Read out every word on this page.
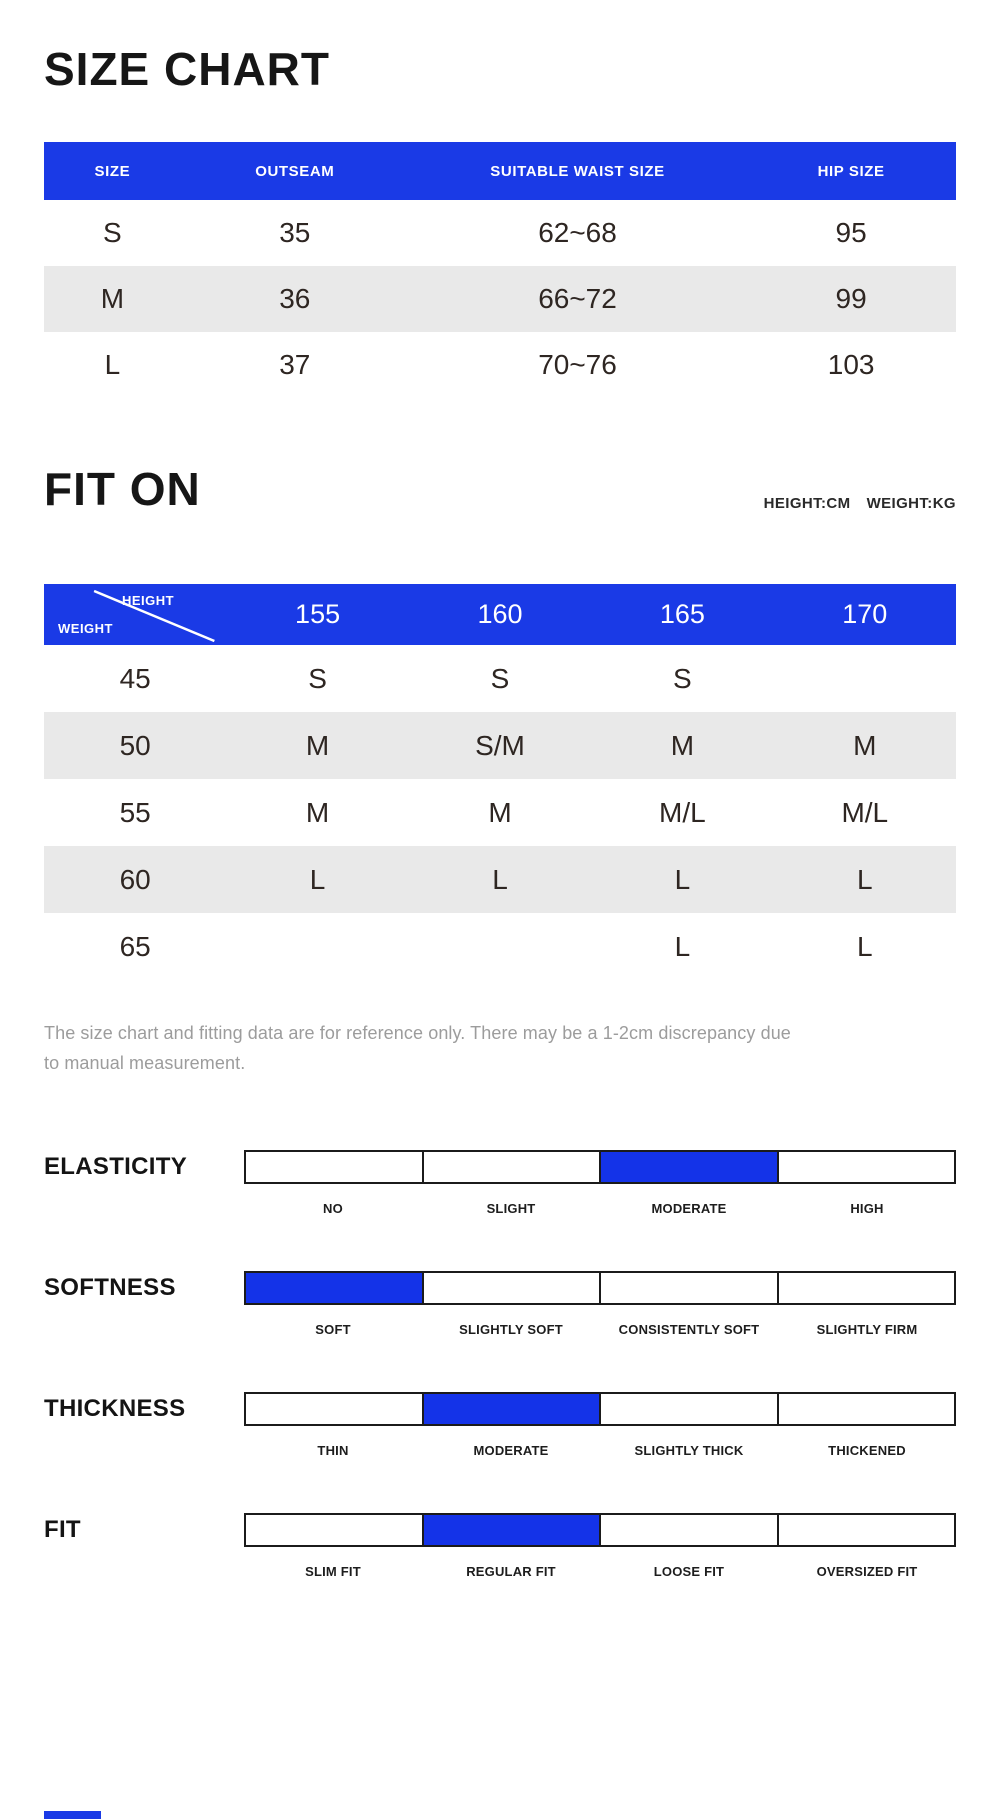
SIZE CHART
SIZE	OUTSEAM	SUITABLE WAIST SIZE	HIP SIZE
S	35	62~68	95
M	36	66~72	99
L	37	70~76	103
FIT ON	HEIGHT:CM WEIGHT:KG
HEIGHT
WEIGHT	155	160	165	170
45	S	S	S	
50	M	S/M	M	M
55	M	M	M/L	M/L
60	L	L	L	L
65			L	L
The size chart and fitting data are for reference only. There may be a 1-2cm discrepancy due
to manual measurement.
ELASTICITY
NO	SLIGHT	MODERATE	HIGH
SOFTNESS
SOFT	SLIGHTLY SOFT	CONSISTENTLY SOFT	SLIGHTLY FIRM
THICKNESS
THIN	MODERATE	SLIGHTLY THICK	THICKENED
FIT
SLIM FIT	REGULAR FIT	LOOSE FIT	OVERSIZED FIT
